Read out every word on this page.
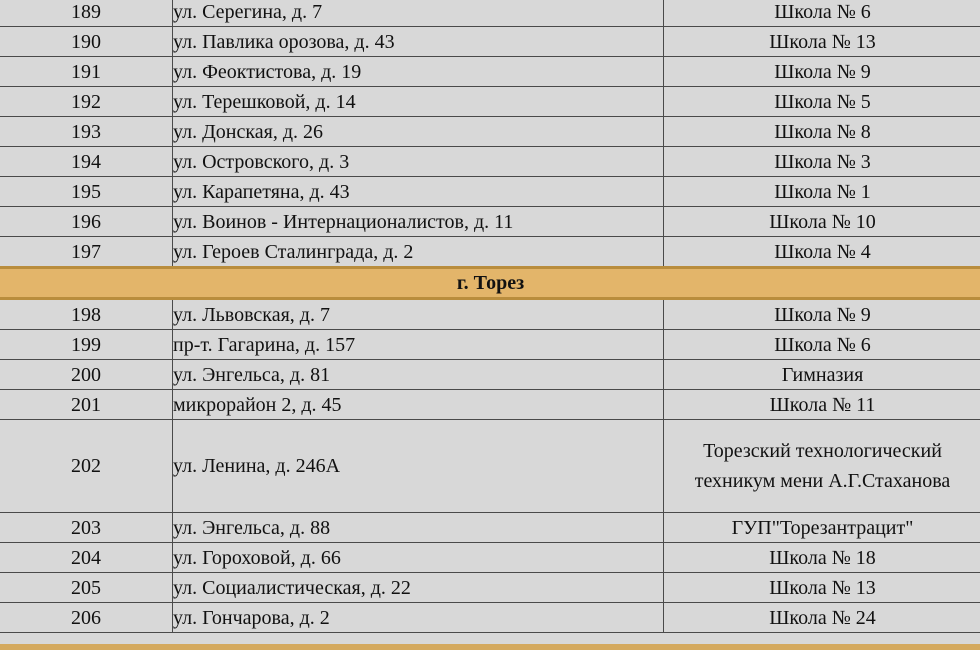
189	ул. Серегина, д. 7	Школа № 6
190	ул. Павлика орозова, д. 43	Школа № 13
191	ул. Феоктистова, д. 19	Школа № 9
192	ул. Терешковой, д. 14	Школа № 5
193	ул. Донская, д. 26	Школа № 8
194	ул. Островского, д. 3	Школа № 3
195	ул. Карапетяна, д. 43	Школа № 1
196	ул. Воинов - Интернационалистов, д. 11	Школа № 10
197	ул. Героев Сталинграда, д. 2	Школа № 4
г. Торез		
198	ул. Львовская, д. 7	Школа № 9
199	пр-т. Гагарина, д. 157	Школа № 6
200	ул. Энгельса, д. 81	Гимназия
201	микрорайон 2, д. 45	Школа № 11
202	ул. Ленина, д. 246А	Торезский технологический техникум мени А.Г.Стаханова
203	ул. Энгельса, д. 88	ГУП"Торезантрацит"
204	ул. Гороховой, д. 66	Школа № 18
205	ул. Социалистическая, д. 22	Школа № 13
206	ул. Гончарова, д. 2	Школа № 24
